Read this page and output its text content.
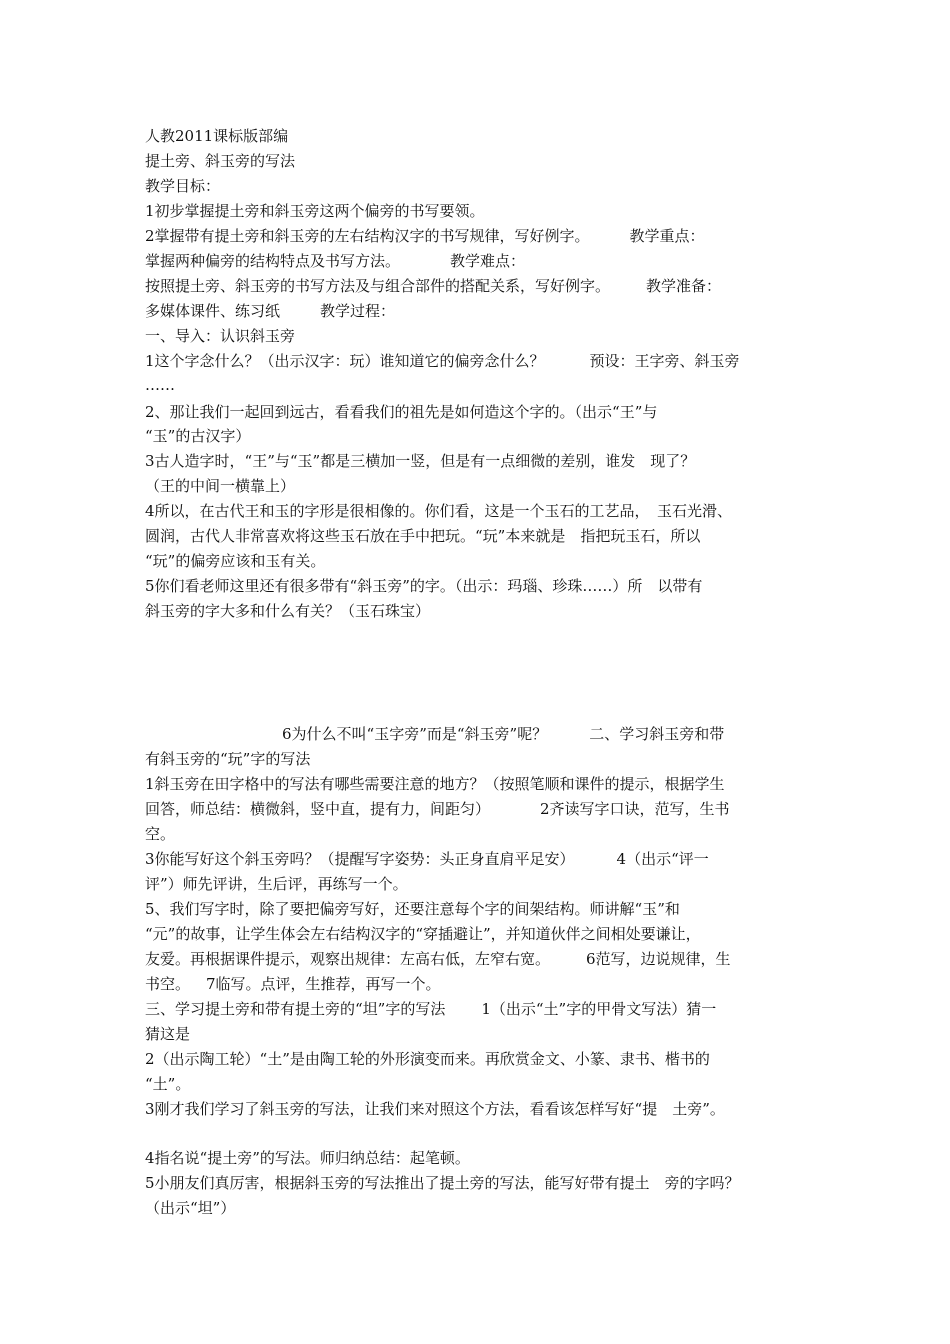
人教2011课标版部编
提土旁、斜玉旁的写法
教学目标：
1初步掌握提土旁和斜玉旁这两个偏旁的书写要领。
2掌握带有提土旁和斜玉旁的左右结构汉字的书写规律，写好例字。	教学重点：
掌握两种偏旁的结构特点及书写方法。	教学难点：
按照提土旁、斜玉旁的书写方法及与组合部件的搭配关系，写好例字。 教学准备：
多媒体课件、练习纸	教学过程：
一、导入：认识斜玉旁
1这个字念什么？（出示汉字：玩）谁知道它的偏旁念什么？	预设：王字旁、斜玉旁
……
2、那让我们一起回到远古，看看我们的祖先是如何造这个字的。（出示“王”与
“玉”的古汉字）
3古人造字时，“王”与“玉”都是三横加一竖，但是有一点细微的差别，谁发　现了？
（王的中间一横靠上）
4所以，在古代王和玉的字形是很相像的。你们看，这是一个玉石的工艺品，　玉石光滑、
圆润，古代人非常喜欢将这些玉石放在手中把玩。“玩”本来就是　指把玩玉石，所以
“玩”的偏旁应该和玉有关。
5你们看老师这里还有很多带有“斜玉旁”的字。（出示：玛瑙、珍珠……）所　以带有
斜玉旁的字大多和什么有关？（玉石珠宝）
6为什么不叫“玉字旁”而是“斜玉旁”呢？	二、学习斜玉旁和带
有斜玉旁的“玩”字的写法
1斜玉旁在田字格中的写法有哪些需要注意的地方？（按照笔顺和课件的提示，根据学生
回答，师总结：横微斜，竖中直，提有力，间距匀）	2齐读写字口诀，范写，生书
空。
3你能写好这个斜玉旁吗？（提醒写字姿势：头正身直肩平足安）	4（出示“评一
评”）师先评讲，生后评，再练写一个。
5、我们写字时，除了要把偏旁写好，还要注意每个字的间架结构。师讲解“玉”和
“元”的故事，让学生体会左右结构汉字的“穿插避让”，并知道伙伴之间相处要谦让，
友爱。再根据课件提示，观察出规律：左高右低，左窄右宽。 6范写，边说规律，生
书空。 7临写。点评，生推荐，再写一个。
三、学习提土旁和带有提土旁的“坦”字的写法 1（出示“土”字的甲骨文写法）猜一
猜这是
2（出示陶工轮）“土”是由陶工轮的外形演变而来。再欣赏金文、小篆、隶书、楷书的
“土”。
3刚才我们学习了斜玉旁的写法，让我们来对照这个方法，看看该怎样写好“提　土旁”。
4指名说“提土旁”的写法。师归纳总结：起笔顿。
5小朋友们真厉害，根据斜玉旁的写法推出了提土旁的写法，能写好带有提土　旁的字吗？
（出示“坦”）
